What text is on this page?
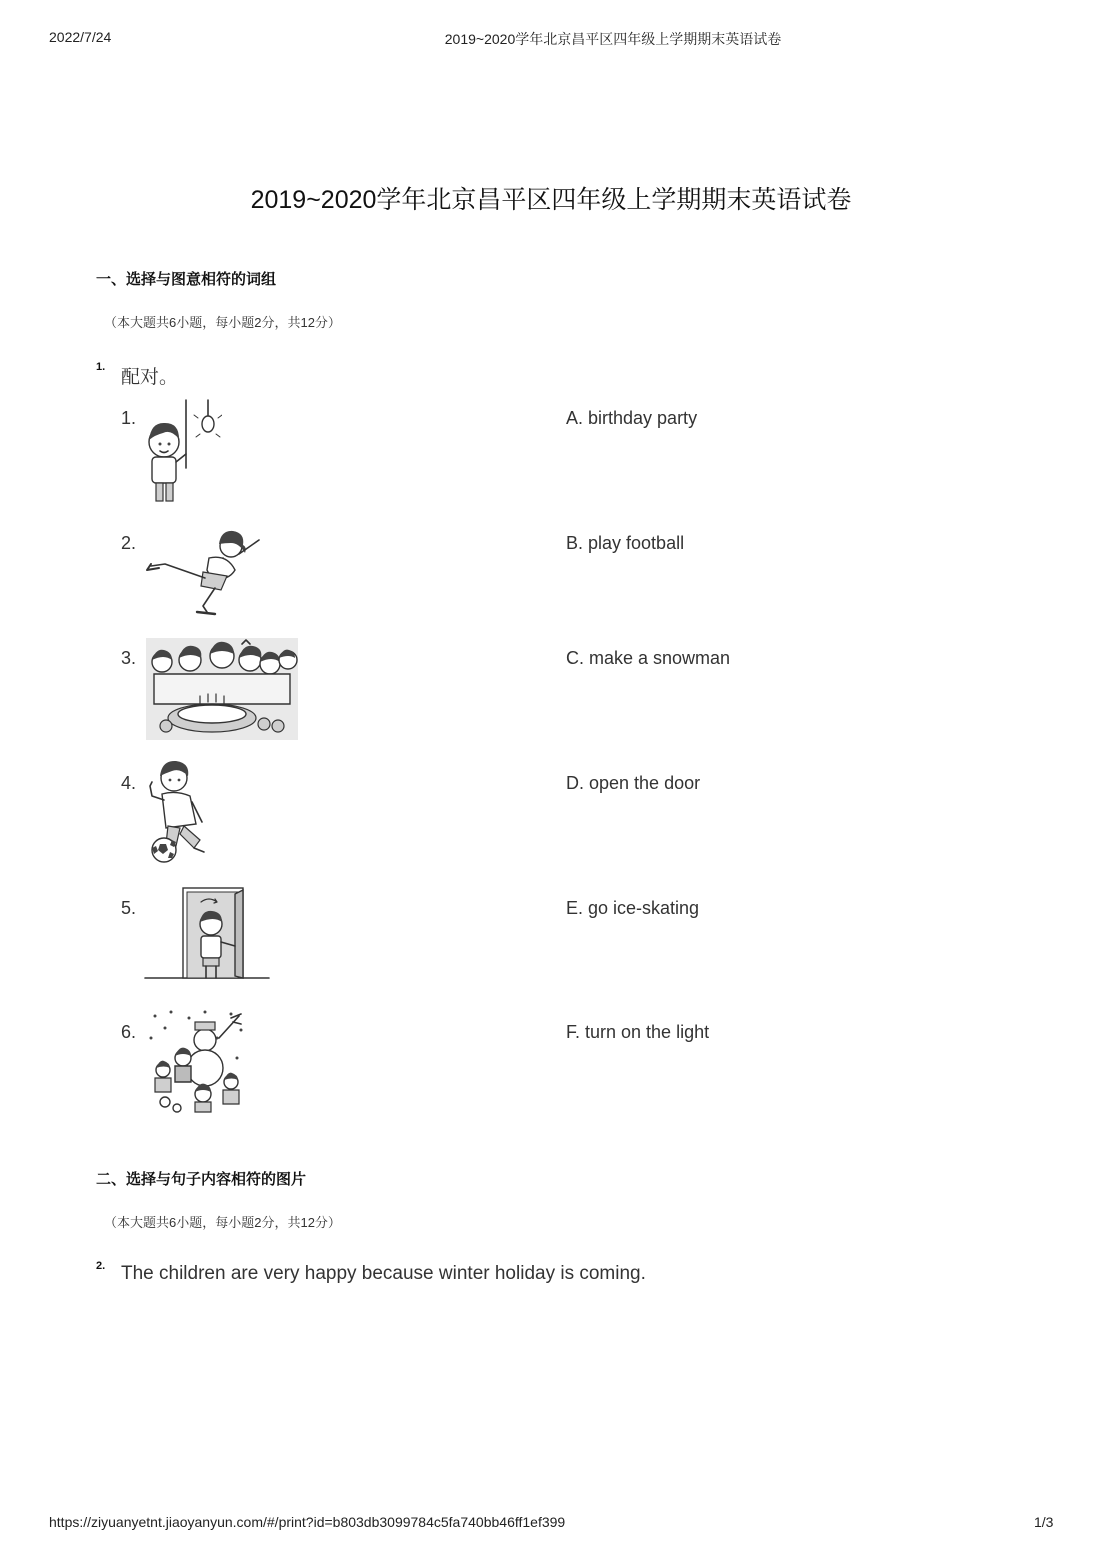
2022/7/24	2019~2020学年北京昌平区四年级上学期期末英语试卷
2019~2020学年北京昌平区四年级上学期期末英语试卷
一、选择与图意相符的词组
（本大题共6小题，每小题2分，共12分）
1. 配对。
1.	A. birthday party
2.	B. play football
3.	C. make a snowman
4.	D. open the door
5.	E. go ice-skating
6.	F. turn on the light
二、选择与句子内容相符的图片
（本大题共6小题，每小题2分，共12分）
2. The children are very happy because winter holiday is coming.
https://ziyuanyetnt.jiaoyanyun.com/#/print?id=b803db3099784c5fa740bb46ff1ef399	1/3
